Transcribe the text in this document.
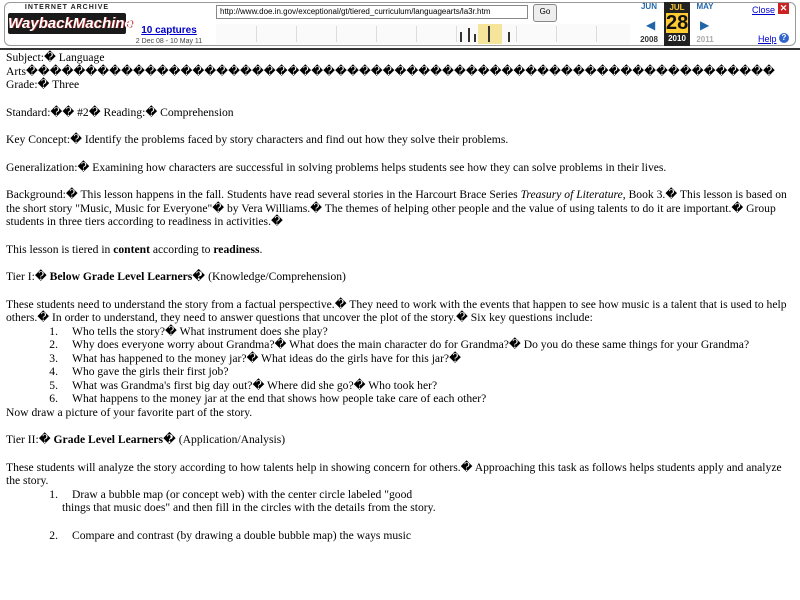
INTERNET ARCHIVE
WaybackMachine 10 captures
2 Dec 08 - 10 May 11
http://www.doe.in.gov/exceptional/gt/tiered_curriculum/languagearts/la3r.htm	Go
JUN
◀
2008
JUL
28
2010
MAY
▶
2011
Close ✕
Help ?

Subject:� Language

Arts���������������������������������������������������������������

Grade:� Three

Standard:�� #2� Reading:� Comprehension

Key Concept:� Identify the problems faced by story characters and find out how they solve their problems.

Generalization:� Examining how characters are successful in solving problems helps students see how they can solve problems in their lives.

Background:� This lesson happens in the fall. Students have read several stories in the Harcourt Brace Series Treasury of Literature, Book 3.� This lesson is based on the short story "Music, Music for Everyone"� by Vera Williams.� The themes of helping other people and the value of using talents to do it are important.� Group students in three tiers according to readiness in activities.�

This lesson is tiered in content according to readiness.

Tier I:� Below Grade Level Learners� (Knowledge/Comprehension)

These students need to understand the story from a factual perspective.� They need to work with the events that happen to see how music is a talent that is used to help others.� In order to understand, they need to answer questions that uncover the plot of the story.� Six key questions include:

1. Who tells the story?� What instrument does she play?
2. Why does everyone worry about Grandma?� What does the main character do for Grandma?� Do you do these same things for your Grandma?
3. What has happened to the money jar?� What ideas do the girls have for this jar?�
4. Who gave the girls their first job?
5. What was Grandma's first big day out?� Where did she go?� Who took her?
6. What happens to the money jar at the end that shows how people take care of each other?

Now draw a picture of your favorite part of the story.

Tier II:� Grade Level Learners� (Application/Analysis)

These students will analyze the story according to how talents help in showing concern for others.� Approaching this task as follows helps students apply and analyze the story.

1. Draw a bubble map (or concept web) with the center circle labeled "good

things that music does" and then fill in the circles with the details from the story.

2. Compare and contrast (by drawing a double bubble map) the ways music
